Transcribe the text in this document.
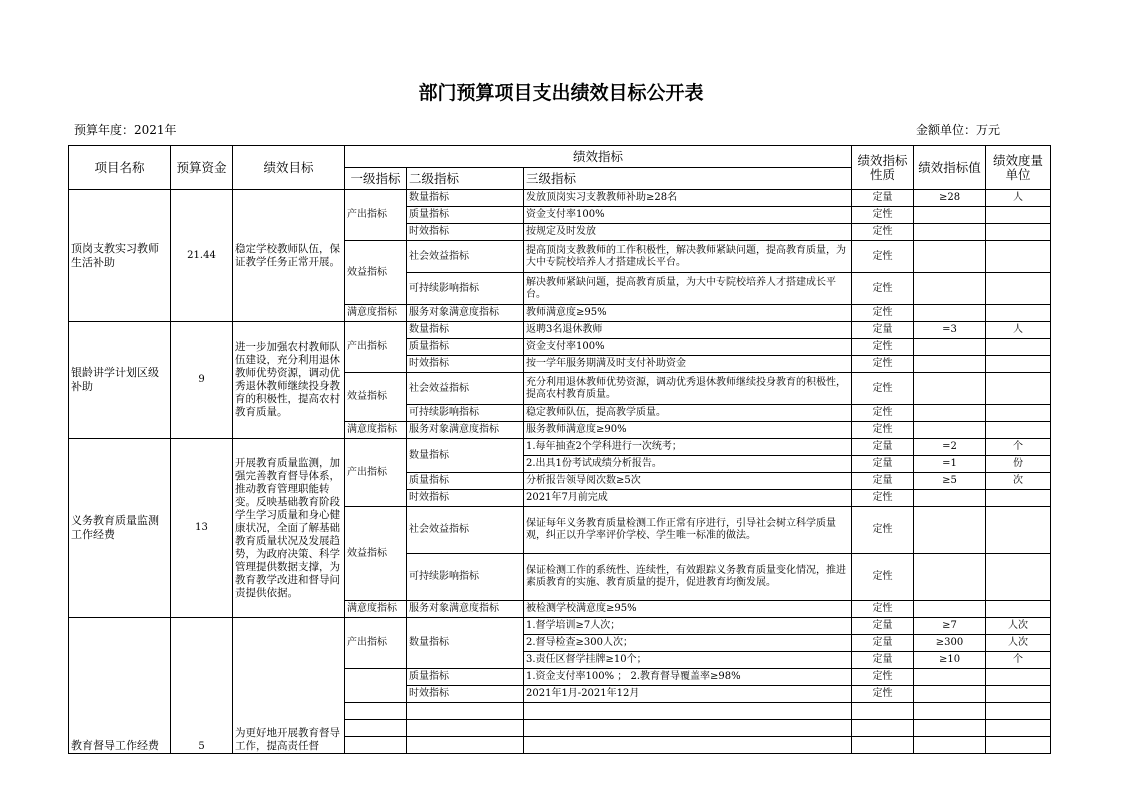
部门预算项目支出绩效目标公开表
预算年度：2021年	金额单位：万元
项目名称	预算资金	绩效目标	绩效指标			绩效指标性质	绩效指标值	绩效度量单位
			一级指标	二级指标	三级指标			
顶岗支教实习教师生活补助	21.44	稳定学校教师队伍，保证教学任务正常开展。	产出指标	数量指标	发放顶岗实习支教教师补助≥28名	定量	≥28	人
				质量指标	资金支付率100%	定性		
				时效指标	按规定及时发放	定性		
			效益指标	社会效益指标	提高顶岗支教教师的工作积极性，解决教师紧缺问题，提高教育质量，为大中专院校培养人才搭建成长平台。	定性		
				可持续影响指标	解决教师紧缺问题，提高教育质量，为大中专院校培养人才搭建成长平台。	定性		
			满意度指标	服务对象满意度指标	教师满意度≥95%	定性		
银龄讲学计划区级补助	9	进一步加强农村教师队伍建设，充分利用退休教师优势资源，调动优秀退休教师继续投身教育的积极性，提高农村教育质量。	产出指标	数量指标	返聘3名退休教师	定量	=3	人
				质量指标	资金支付率100%	定性		
				时效指标	按一学年服务期满及时支付补助资金	定性		
			效益指标	社会效益指标	充分利用退休教师优势资源，调动优秀退休教师继续投身教育的积极性，提高农村教育质量。	定性		
				可持续影响指标	稳定教师队伍，提高教学质量。	定性		
			满意度指标	服务对象满意度指标	服务教师满意度≥90%	定性		
义务教育质量监测工作经费	13	开展教育质量监测，加强完善教育督导体系，推动教育管理职能转变。反映基础教育阶段学生学习质量和身心健康状况，全面了解基础教育质量状况及发展趋势，为政府决策、科学管理提供数据支撑，为教育教学改进和督导问责提供依据。	产出指标	数量指标	1.每年抽查2个学科进行一次统考；	定量	=2	个
					2.出具1份考试成绩分析报告。	定量	=1	份
				质量指标	分析报告领导阅次数≥5次	定量	≥5	次
				时效指标	2021年7月前完成	定性		
			效益指标	社会效益指标	保证每年义务教育质量检测工作正常有序进行，引导社会树立科学质量观，纠正以升学率评价学校、学生唯一标准的做法。	定性		
				可持续影响指标	保证检测工作的系统性、连续性，有效跟踪义务教育质量变化情况，推进素质教育的实施、教育质量的提升，促进教育均衡发展。	定性		
			满意度指标	服务对象满意度指标	被检测学校满意度≥95%	定性		
教育督导工作经费	5	为更好地开展教育督导工作，提高责任督	产出指标	数量指标	1.督学培训≥7人次；	定量	≥7	人次
					2.督导检查≥300人次；	定量	≥300	人次
					3.责任区督学挂牌≥10个；	定量	≥10	个
				质量指标	1.资金支付率100% ； 2.教育督导覆盖率≥98%	定性		
				时效指标	2021年1月-2021年12月	定性		
